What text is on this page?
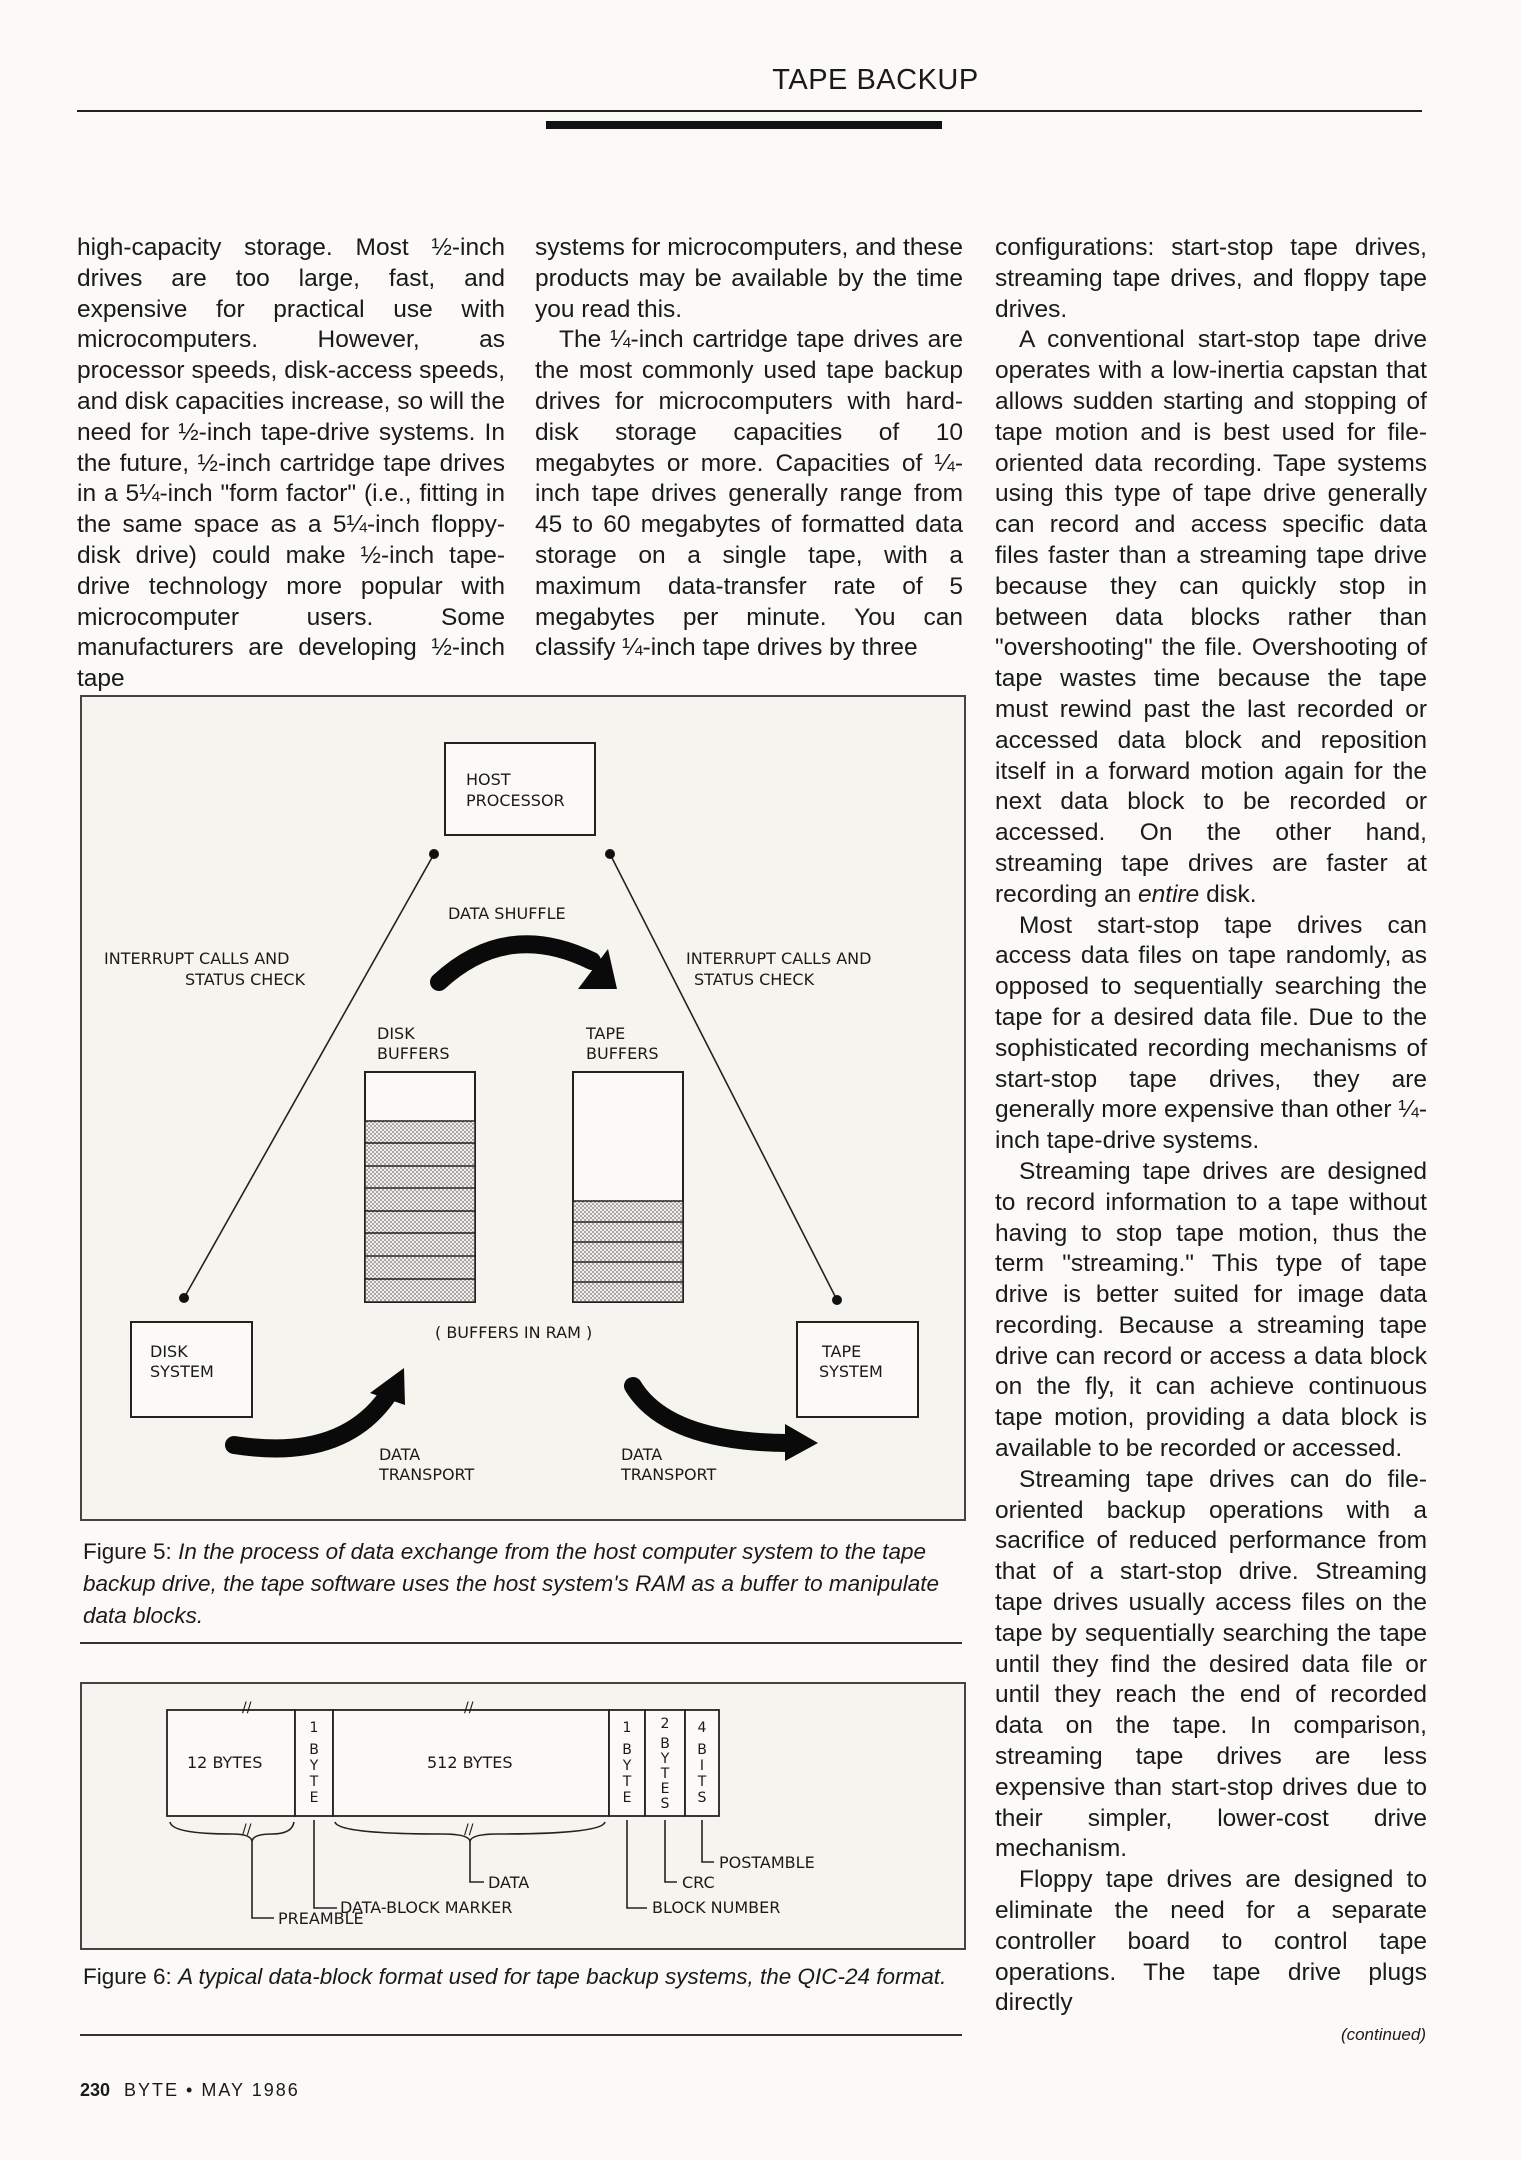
TAPE BACKUP

high-capacity storage. Most ½-inch drives are too large, fast, and expensive for practical use with microcomputers. However, as processor speeds, disk-access speeds, and disk capacities increase, so will the need for ½-inch tape-drive systems. In the future, ½-inch cartridge tape drives in a 5¼-inch "form factor" (i.e., fitting in the same space as a 5¼-inch floppy-disk drive) could make ½-inch tape-drive technology more popular with microcomputer users. Some manufacturers are developing ½-inch tape

systems for microcomputers, and these products may be available by the time you read this.

The ¼-inch cartridge tape drives are the most commonly used tape backup drives for microcomputers with hard-disk storage capacities of 10 megabytes or more. Capacities of ¼-inch tape drives generally range from 45 to 60 megabytes of formatted data storage on a single tape, with a maximum data-transfer rate of 5 megabytes per minute. You can classify ¼-inch tape drives by three

configurations: start-stop tape drives, streaming tape drives, and floppy tape drives.

A conventional start-stop tape drive operates with a low-inertia capstan that allows sudden starting and stopping of tape motion and is best used for file-oriented data recording. Tape systems using this type of tape drive generally can record and access specific data files faster than a streaming tape drive because they can quickly stop in between data blocks rather than "overshooting" the file. Overshooting of tape wastes time because the tape must rewind past the last recorded or accessed data block and reposition itself in a forward motion again for the next data block to be recorded or accessed. On the other hand, streaming tape drives are faster at recording an entire disk.

Most start-stop tape drives can access data files on tape randomly, as opposed to sequentially searching the tape for a desired data file. Due to the sophisticated recording mechanisms of start-stop tape drives, they are generally more expensive than other ¼-inch tape-drive systems.

Streaming tape drives are designed to record information to a tape without having to stop tape motion, thus the term "streaming." This type of tape drive is better suited for image data recording. Because a streaming tape drive can record or access a data block on the fly, it can achieve continuous tape motion, providing a data block is available to be recorded or accessed.

Streaming tape drives can do file-oriented backup operations with a sacrifice of reduced performance from that of a start-stop drive. Streaming tape drives usually access files on the tape by sequentially searching the tape until they find the desired data file or until they reach the end of recorded data on the tape. In comparison, streaming tape drives are less expensive than start-stop drives due to their simpler, lower-cost drive mechanism.

Floppy tape drives are designed to eliminate the need for a separate controller board to control tape operations. The tape drive plugs directly

(continued)
HOST
PROCESSOR
DATA SHUFFLE
INTERRUPT CALLS AND
STATUS CHECK
INTERRUPT CALLS AND
STATUS CHECK
DISK
BUFFERS
TAPE
BUFFERS
( BUFFERS IN RAM )
DISK
SYSTEM
TAPE
SYSTEM
DATA
TRANSPORT
DATA
TRANSPORT
Figure 5: In the process of data exchange from the host computer system to the tape backup drive, the tape software uses the host system's RAM as a buffer to manipulate data blocks.
//	//
12 BYTES	512 BYTES
1
B
Y
T
E
1
B
Y
T
E
2
B
Y
T
E
S
4
B
I
T
S
//	//
PREAMBLE
DATA-BLOCK MARKER
DATA
BLOCK NUMBER
CRC
POSTAMBLE
Figure 6: A typical data-block format used for tape backup systems, the QIC-24 format.
230 BYTE • MAY 1986
